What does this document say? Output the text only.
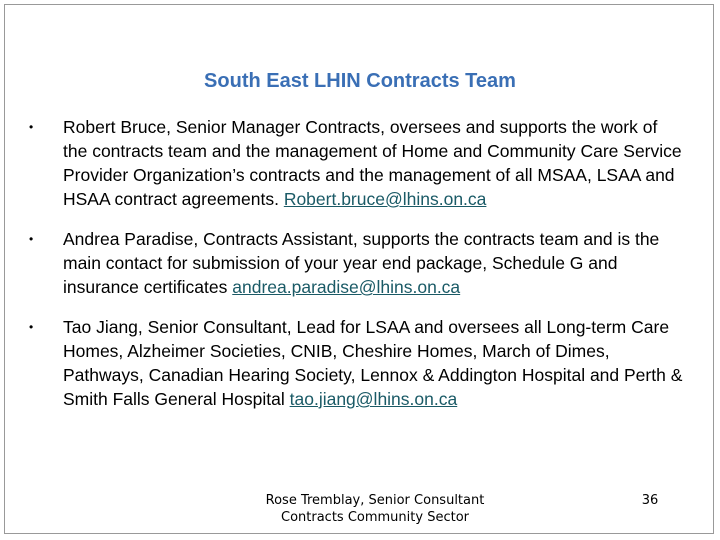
South East LHIN Contracts Team
• Robert Bruce, Senior Manager Contracts, oversees and supports the work of the contracts team and the management of Home and Community Care Service Provider Organization’s contracts and the management of all MSAA, LSAA and HSAA contract agreements. Robert.bruce@lhins.on.ca
• Andrea Paradise, Contracts Assistant, supports the contracts team and is the main contact for submission of your year end package, Schedule G and insurance certificates andrea.paradise@lhins.on.ca
• Tao Jiang, Senior Consultant, Lead for LSAA and oversees all Long-term Care Homes, Alzheimer Societies, CNIB, Cheshire Homes, March of Dimes, Pathways, Canadian Hearing Society, Lennox & Addington Hospital and Perth & Smith Falls General Hospital tao.jiang@lhins.on.ca
Rose Tremblay, Senior Consultant
Contracts Community Sector
36
